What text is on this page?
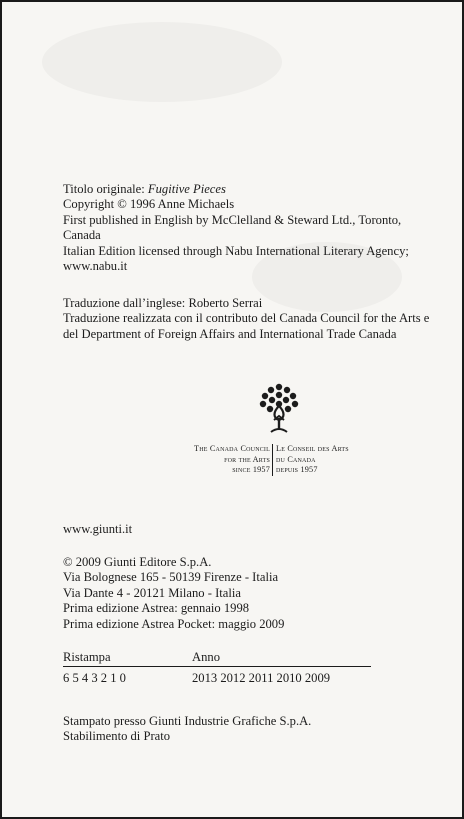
Titolo originale: Fugitive Pieces
Copyright © 1996 Anne Michaels
First published in English by McClelland & Steward Ltd., Toronto, Canada
Italian Edition licensed through Nabu International Literary Agency; www.nabu.it
Traduzione dall’inglese: Roberto Serrai
Traduzione realizzata con il contributo del Canada Council for the Arts e del Department of Foreign Affairs and International Trade Canada
The Canada Council
for the Arts
since 1957
Le Conseil des Arts
du Canada
depuis 1957
www.giunti.it
© 2009 Giunti Editore S.p.A.
Via Bolognese 165 - 50139 Firenze - Italia
Via Dante 4 - 20121 Milano - Italia
Prima edizione Astrea: gennaio 1998
Prima edizione Astrea Pocket: maggio 2009
Ristampa	Anno
6 5 4 3 2 1 0	2013 2012 2011 2010 2009
Stampato presso Giunti Industrie Grafiche S.p.A.
Stabilimento di Prato
